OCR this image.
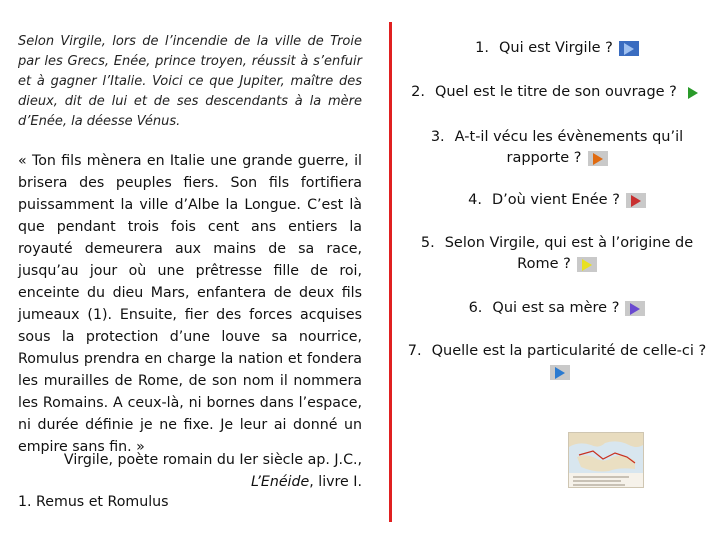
Selon Virgile, lors de l’incendie de la ville de Troie par les Grecs, Enée, prince troyen, réussit à s’enfuir et à gagner l’Italie. Voici ce que Jupiter, maître des dieux, dit de lui et de ses descendants à la mère d’Enée, la déesse Vénus.

« Ton fils mènera en Italie une grande guerre, il brisera des peuples fiers. Son fils fortifiera puissamment la ville d’Albe la Longue. C’est là que pendant trois fois cent ans entiers la royauté demeurera aux mains de sa race, jusqu’au jour où une prêtresse fille de roi, enceinte du dieu Mars, enfantera de deux fils jumeaux (1). Ensuite, fier des forces acquises sous la protection d’une louve sa nourrice, Romulus prendra en charge la nation et fondera les murailles de Rome, de son nom il nommera les Romains. A ceux-là, ni bornes dans l’espace, ni durée définie je ne fixe. Je leur ai donné un empire sans fin. »

Virgile, poète romain du Ier siècle ap. J.C.,
L’Enéide, livre I.
1. Remus et Romulus
1. Qui est Virgile ?
2. Quel est le titre de son ouvrage ?
3. A-t-il vécu les évènements qu’il rapporte ?
4. D’où vient Enée ?
5. Selon Virgile, qui est à l’origine de Rome ?
6. Qui est sa mère ?
7. Quelle est la particularité de celle-ci ?
